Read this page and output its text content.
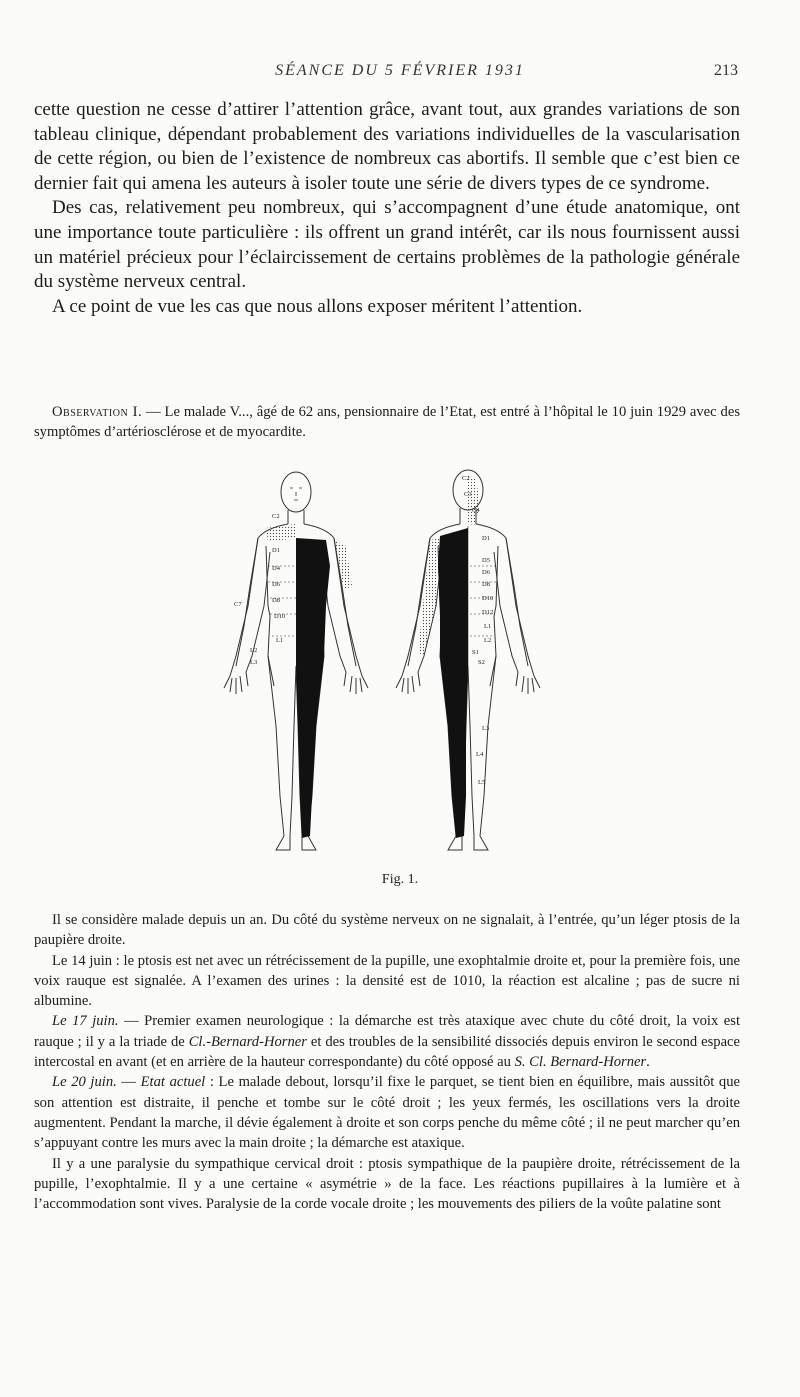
SÉANCE DU 5 FÉVRIER 1931	213

cette question ne cesse d’attirer l’attention grâce, avant tout, aux grandes variations de son tableau clinique, dépendant probablement des variations individuelles de la vascularisation de cette région, ou bien de l’existence de nombreux cas abortifs. Il semble que c’est bien ce dernier fait qui amena les auteurs à isoler toute une série de divers types de ce syndrome.

Des cas, relativement peu nombreux, qui s’accompagnent d’une étude anatomique, ont une importance toute particulière : ils offrent un grand intérêt, car ils nous fournissent aussi un matériel précieux pour l’éclaircissement de certains problèmes de la pathologie générale du système nerveux central.

A ce point de vue les cas que nous allons exposer méritent l’attention.

Observation I. — Le malade V..., âgé de 62 ans, pensionnaire de l’Etat, est entré à l’hôpital le 10 juin 1929 avec des symptômes d’artériosclérose et de myocardite.

C2
D1
D4
D6
D8
D10
L1
L2
L3
C7
C2
C3
C4
D1
D5
D6
D8
D10
D12
L1
L2
S1
S2
L3
L4
L5
Fig. 1.

Il se considère malade depuis un an. Du côté du système nerveux on ne signalait, à l’entrée, qu’un léger ptosis de la paupière droite.

Le 14 juin : le ptosis est net avec un rétrécissement de la pupille, une exophtalmie droite et, pour la première fois, une voix rauque est signalée. A l’examen des urines : la densité est de 1010, la réaction est alcaline ; pas de sucre ni albumine.

Le 17 juin. — Premier examen neurologique : la démarche est très ataxique avec chute du côté droit, la voix est rauque ; il y a la triade de Cl.-Bernard-Horner et des troubles de la sensibilité dissociés depuis environ le second espace intercostal en avant (et en arrière de la hauteur correspondante) du côté opposé au S. Cl. Bernard-Horner.

Le 20 juin. — Etat actuel : Le malade debout, lorsqu’il fixe le parquet, se tient bien en équilibre, mais aussitôt que son attention est distraite, il penche et tombe sur le côté droit ; les yeux fermés, les oscillations vers la droite augmentent. Pendant la marche, il dévie également à droite et son corps penche du même côté ; il ne peut marcher qu’en s’appuyant contre les murs avec la main droite ; la démarche est ataxique.

Il y a une paralysie du sympathique cervical droit : ptosis sympathique de la paupière droite, rétrécissement de la pupille, l’exophtalmie. Il y a une certaine « asymétrie » de la face. Les réactions pupillaires à la lumière et à l’accommodation sont vives. Paralysie de la corde vocale droite ; les mouvements des piliers de la voûte palatine sont
